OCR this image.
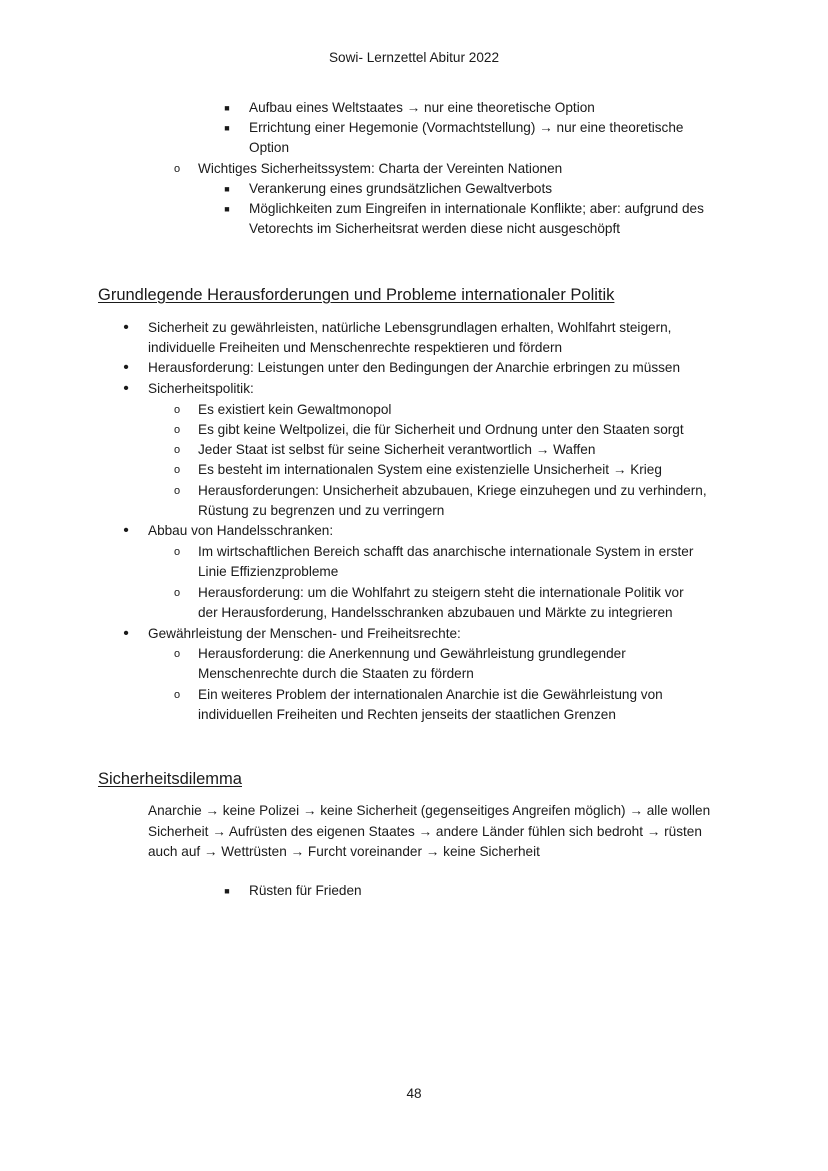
Sowi- Lernzettel Abitur 2022
■	Aufbau eines Weltstaates → nur eine theoretische Option
■	Errichtung einer Hegemonie (Vormachtstellung) → nur eine theoretische
Option
o Wichtiges Sicherheitssystem: Charta der Vereinten Nationen
■	Verankerung eines grundsätzlichen Gewaltverbots
■	Möglichkeiten zum Eingreifen in internationale Konflikte; aber: aufgrund des
Vetorechts im Sicherheitsrat werden diese nicht ausgeschöpft
Grundlegende Herausforderungen und Probleme internationaler Politik
•	Sicherheit zu gewährleisten, natürliche Lebensgrundlagen erhalten, Wohlfahrt steigern,
individuelle Freiheiten und Menschenrechte respektieren und fördern
•	Herausforderung: Leistungen unter den Bedingungen der Anarchie erbringen zu müssen
•	Sicherheitspolitik:
o Es existiert kein Gewaltmonopol
o Es gibt keine Weltpolizei, die für Sicherheit und Ordnung unter den Staaten sorgt
o Jeder Staat ist selbst für seine Sicherheit verantwortlich → Waffen
o Es besteht im internationalen System eine existenzielle Unsicherheit → Krieg
o Herausforderungen: Unsicherheit abzubauen, Kriege einzuhegen und zu verhindern,
Rüstung zu begrenzen und zu verringern
•	Abbau von Handelsschranken:
o Im wirtschaftlichen Bereich schafft das anarchische internationale System in erster
Linie Effizienzprobleme
o Herausforderung: um die Wohlfahrt zu steigern steht die internationale Politik vor
der Herausforderung, Handelsschranken abzubauen und Märkte zu integrieren
•	Gewährleistung der Menschen- und Freiheitsrechte:
o Herausforderung: die Anerkennung und Gewährleistung grundlegender
Menschenrechte durch die Staaten zu fördern
o Ein weiteres Problem der internationalen Anarchie ist die Gewährleistung von
individuellen Freiheiten und Rechten jenseits der staatlichen Grenzen
Sicherheitsdilemma
Anarchie → keine Polizei → keine Sicherheit (gegenseitiges Angreifen möglich) → alle wollen
Sicherheit → Aufrüsten des eigenen Staates → andere Länder fühlen sich bedroht → rüsten
auch auf → Wettrüsten → Furcht voreinander → keine Sicherheit
■	Rüsten für Frieden
48
